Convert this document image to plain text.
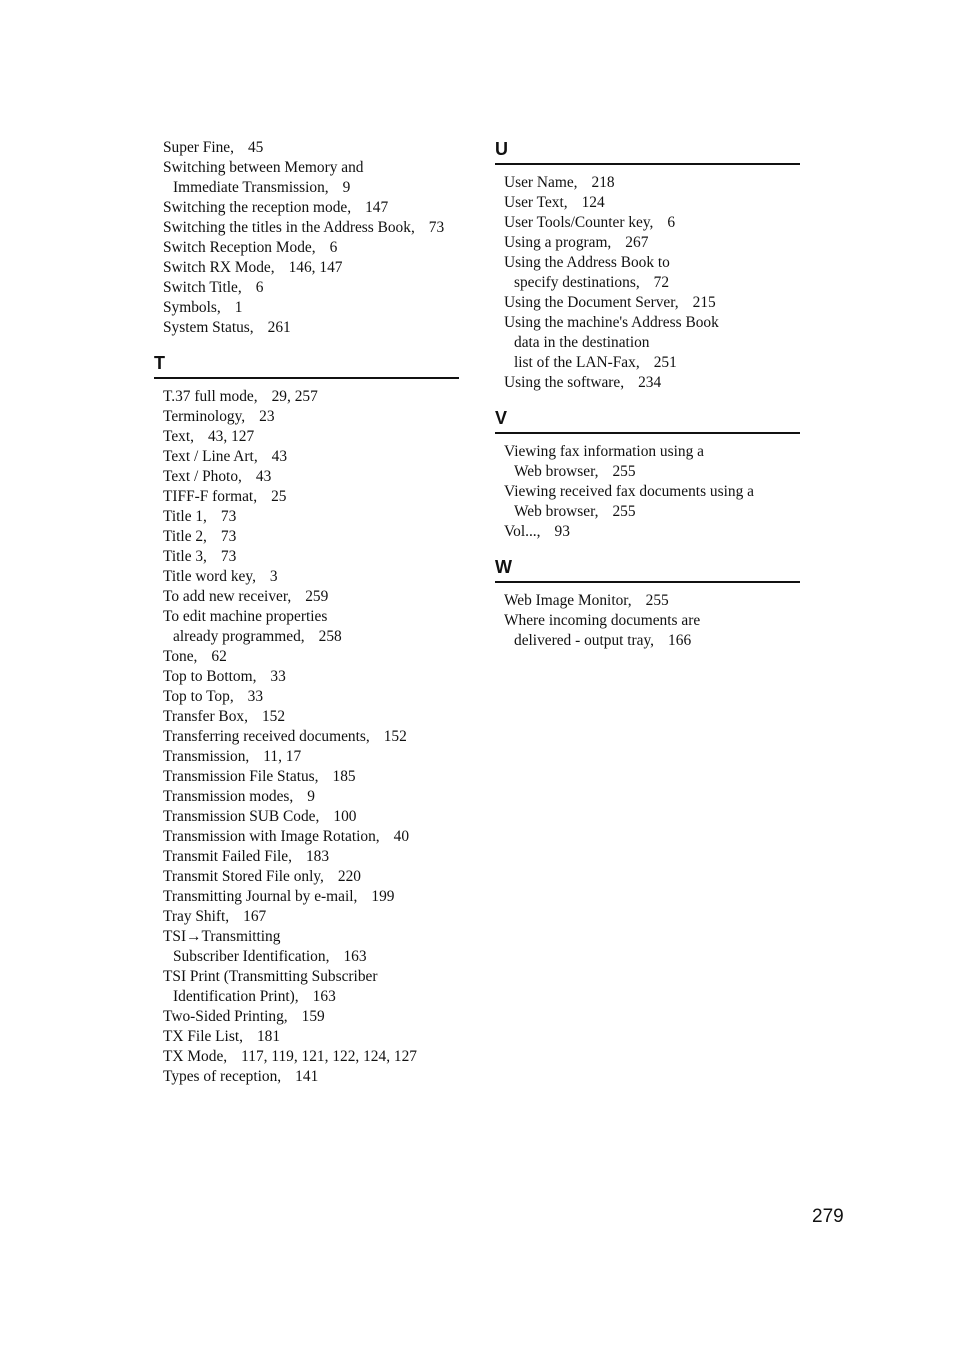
Super Fine, 45
Switching between Memory and
Immediate Transmission, 9
Switching the reception mode, 147
Switching the titles in the Address Book, 73
Switch Reception Mode, 6
Switch RX Mode, 146, 147
Switch Title, 6
Symbols, 1
System Status, 261
T
T.37 full mode, 29, 257
Terminology, 23
Text, 43, 127
Text / Line Art, 43
Text / Photo, 43
TIFF-F format, 25
Title 1, 73
Title 2, 73
Title 3, 73
Title word key, 3
To add new receiver, 259
To edit machine properties
already programmed, 258
Tone, 62
Top to Bottom, 33
Top to Top, 33
Transfer Box, 152
Transferring received documents, 152
Transmission, 11, 17
Transmission File Status, 185
Transmission modes, 9
Transmission SUB Code, 100
Transmission with Image Rotation, 40
Transmit Failed File, 183
Transmit Stored File only, 220
Transmitting Journal by e-mail, 199
Tray Shift, 167
TSI→Transmitting
Subscriber Identification, 163
TSI Print (Transmitting Subscriber
Identification Print), 163
Two-Sided Printing, 159
TX File List, 181
TX Mode, 117, 119, 121, 122, 124, 127
Types of reception, 141
U
User Name, 218
User Text, 124
User Tools/Counter key, 6
Using a program, 267
Using the Address Book to
specify destinations, 72
Using the Document Server, 215
Using the machine's Address Book
data in the destination
list of the LAN-Fax, 251
Using the software, 234
V
Viewing fax information using a
Web browser, 255
Viewing received fax documents using a
Web browser, 255
Vol..., 93
W
Web Image Monitor, 255
Where incoming documents are
delivered - output tray, 166
279
